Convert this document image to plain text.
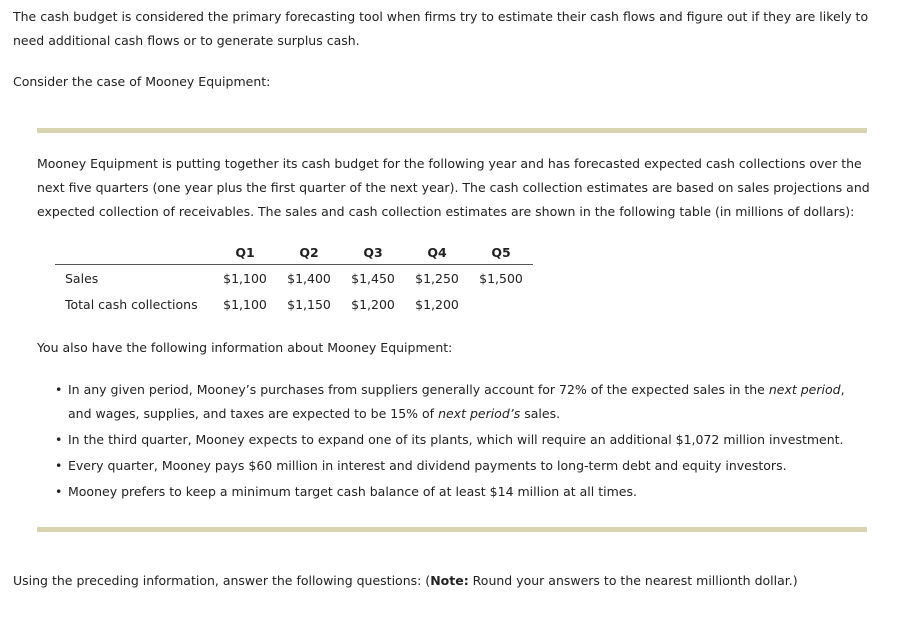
The cash budget is considered the primary forecasting tool when firms try to estimate their cash flows and figure out if they are likely to need additional cash flows or to generate surplus cash.

Consider the case of Mooney Equipment:

Mooney Equipment is putting together its cash budget for the following year and has forecasted expected cash collections over the next five quarters (one year plus the first quarter of the next year). The cash collection estimates are based on sales projections and expected collection of receivables. The sales and cash collection estimates are shown in the following table (in millions of dollars):

	Q1	Q2	Q3	Q4	Q5
Sales	$1,100	$1,400	$1,450	$1,250	$1,500
Total cash collections	$1,100	$1,150	$1,200	$1,200	

You also have the following information about Mooney Equipment:

• In any given period, Mooney’s purchases from suppliers generally account for 72% of the expected sales in the next period, and wages, supplies, and taxes are expected to be 15% of next period’s sales.
• In the third quarter, Mooney expects to expand one of its plants, which will require an additional $1,072 million investment.
• Every quarter, Mooney pays $60 million in interest and dividend payments to long-term debt and equity investors.
• Mooney prefers to keep a minimum target cash balance of at least $14 million at all times.

Using the preceding information, answer the following questions: (Note: Round your answers to the nearest millionth dollar.)
